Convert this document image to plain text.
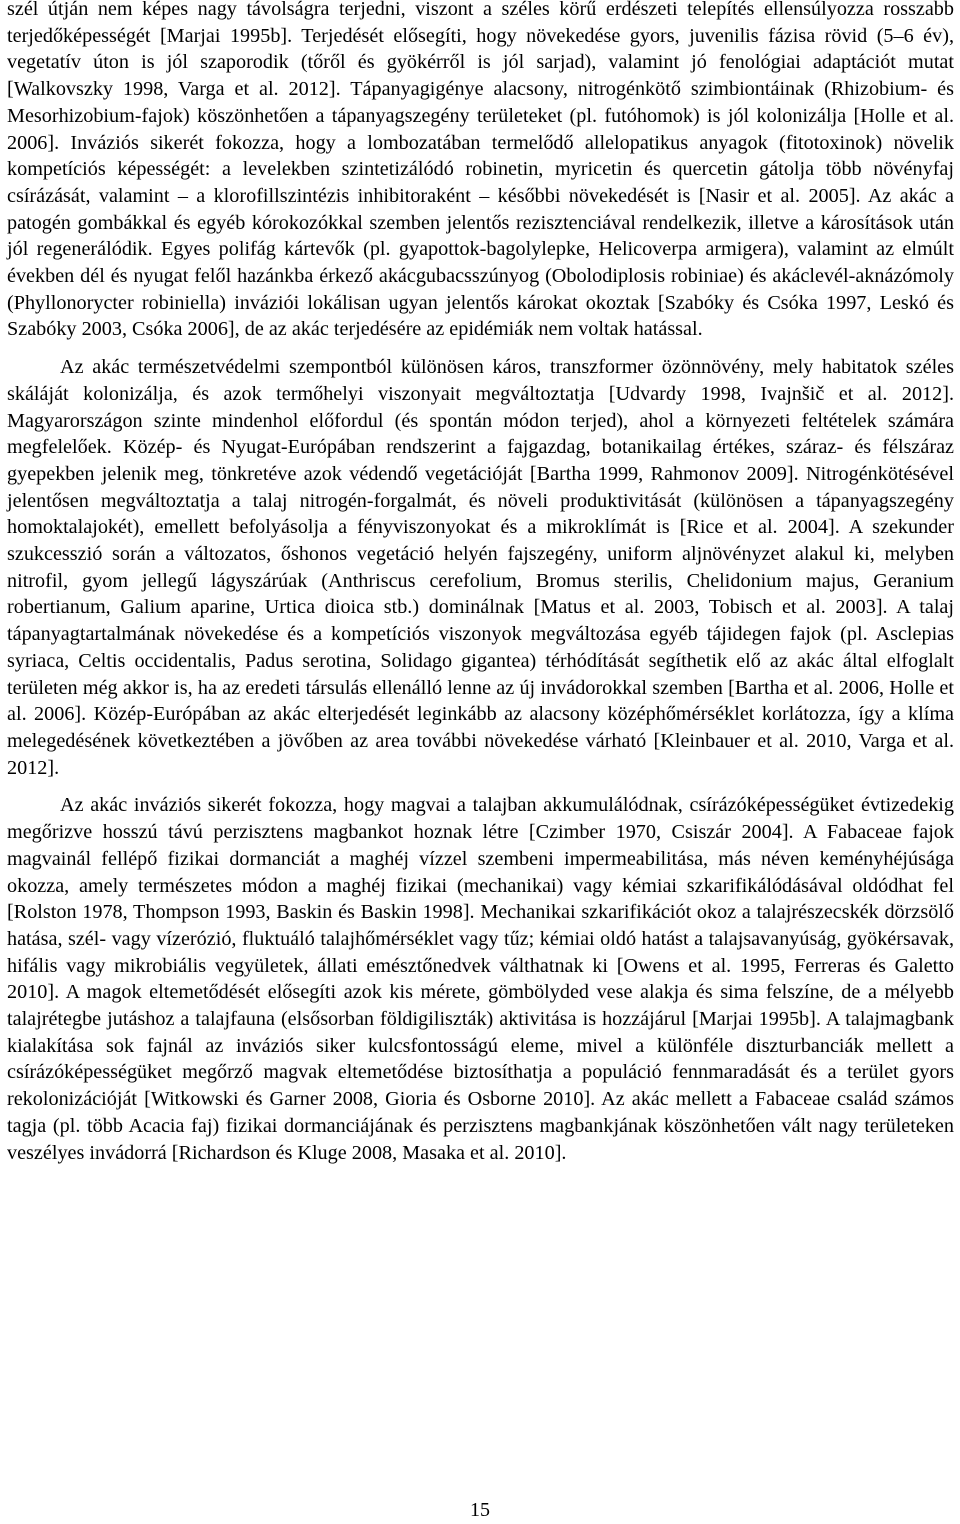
szél útján nem képes nagy távolságra terjedni, viszont a széles körű erdészeti telepítés ellensúlyozza rosszabb terjedőképességét [Marjai 1995b]. Terjedését elősegíti, hogy növekedése gyors, juvenilis fázisa rövid (5–6 év), vegetatív úton is jól szaporodik (tőről és gyökérről is jól sarjad), valamint jó fenológiai adaptációt mutat [Walkovszky 1998, Varga et al. 2012]. Tápanyagigénye alacsony, nitrogénkötő szimbiontáinak (Rhizobium- és Mesorhizobium-fajok) köszönhetően a tápanyagszegény területeket (pl. futóhomok) is jól kolonizálja [Holle et al. 2006]. Inváziós sikerét fokozza, hogy a lombozatában termelődő allelopatikus anyagok (fitotoxinok) növelik kompetíciós képességét: a levelekben szintetizálódó robinetin, myricetin és quercetin gátolja több növényfaj csírázását, valamint – a klorofillszintézis inhibitoraként – későbbi növekedését is [Nasir et al. 2005]. Az akác a patogén gombákkal és egyéb kórokozókkal szemben jelentős rezisztenciával rendelkezik, illetve a károsítások után jól regenerálódik. Egyes polifág kártevők (pl. gyapottok-bagolylepke, Helicoverpa armigera), valamint az elmúlt években dél és nyugat felől hazánkba érkező akácgubacsszúnyog (Obolodiplosis robiniae) és akáclevél-aknázómoly (Phyllonorycter robiniella) inváziói lokálisan ugyan jelentős károkat okoztak [Szabóky és Csóka 1997, Leskó és Szabóky 2003, Csóka 2006], de az akác terjedésére az epidémiák nem voltak hatással.

Az akác természetvédelmi szempontból különösen káros, transzformer özönnövény, mely habitatok széles skáláját kolonizálja, és azok termőhelyi viszonyait megváltoztatja [Udvardy 1998, Ivajnšič et al. 2012]. Magyarországon szinte mindenhol előfordul (és spontán módon terjed), ahol a környezeti feltételek számára megfelelőek. Közép- és Nyugat-Európában rendszerint a fajgazdag, botanikailag értékes, száraz- és félszáraz gyepekben jelenik meg, tönkretéve azok védendő vegetációját [Bartha 1999, Rahmonov 2009]. Nitrogénkötésével jelentősen megváltoztatja a talaj nitrogén-forgalmát, és növeli produktivitását (különösen a tápanyagszegény homoktalajokét), emellett befolyásolja a fényviszonyokat és a mikroklímát is [Rice et al. 2004]. A szekunder szukcesszió során a változatos, őshonos vegetáció helyén fajszegény, uniform aljnövényzet alakul ki, melyben nitrofil, gyom jellegű lágyszárúak (Anthriscus cerefolium, Bromus sterilis, Chelidonium majus, Geranium robertianum, Galium aparine, Urtica dioica stb.) dominálnak [Matus et al. 2003, Tobisch et al. 2003]. A talaj tápanyagtartalmának növekedése és a kompetíciós viszonyok megváltozása egyéb tájidegen fajok (pl. Asclepias syriaca, Celtis occidentalis, Padus serotina, Solidago gigantea) térhódítását segíthetik elő az akác által elfoglalt területen még akkor is, ha az eredeti társulás ellenálló lenne az új invádorokkal szemben [Bartha et al. 2006, Holle et al. 2006]. Közép-Európában az akác elterjedését leginkább az alacsony középhőmérséklet korlátozza, így a klíma melegedésének következtében a jövőben az area további növekedése várható [Kleinbauer et al. 2010, Varga et al. 2012].

Az akác inváziós sikerét fokozza, hogy magvai a talajban akkumulálódnak, csírázóképességüket évtizedekig megőrizve hosszú távú perzisztens magbankot hoznak létre [Czimber 1970, Csiszár 2004]. A Fabaceae fajok magvainál fellépő fizikai dormanciát a maghéj vízzel szembeni impermeabilitása, más néven keményhéjúsága okozza, amely természetes módon a maghéj fizikai (mechanikai) vagy kémiai szkarifikálódásával oldódhat fel [Rolston 1978, Thompson 1993, Baskin és Baskin 1998]. Mechanikai szkarifikációt okoz a talajrészecskék dörzsölő hatása, szél- vagy vízerózió, fluktuáló talajhőmérséklet vagy tűz; kémiai oldó hatást a talajsavanyúság, gyökérsavak, hifális vagy mikrobiális vegyületek, állati emésztőnedvek válthatnak ki [Owens et al. 1995, Ferreras és Galetto 2010]. A magok eltemetődését elősegíti azok kis mérete, gömbölyded vese alakja és sima felszíne, de a mélyebb talajrétegbe jutáshoz a talajfauna (elsősorban földigiliszták) aktivitása is hozzájárul [Marjai 1995b]. A talajmagbank kialakítása sok fajnál az inváziós siker kulcsfontosságú eleme, mivel a különféle diszturbanciák mellett a csírázóképességüket megőrző magvak eltemetődése biztosíthatja a populáció fennmaradását és a terület gyors rekolonizációját [Witkowski és Garner 2008, Gioria és Osborne 2010]. Az akác mellett a Fabaceae család számos tagja (pl. több Acacia faj) fizikai dormanciájának és perzisztens magbankjának köszönhetően vált nagy területeken veszélyes invádorrá [Richardson és Kluge 2008, Masaka et al. 2010].

15
